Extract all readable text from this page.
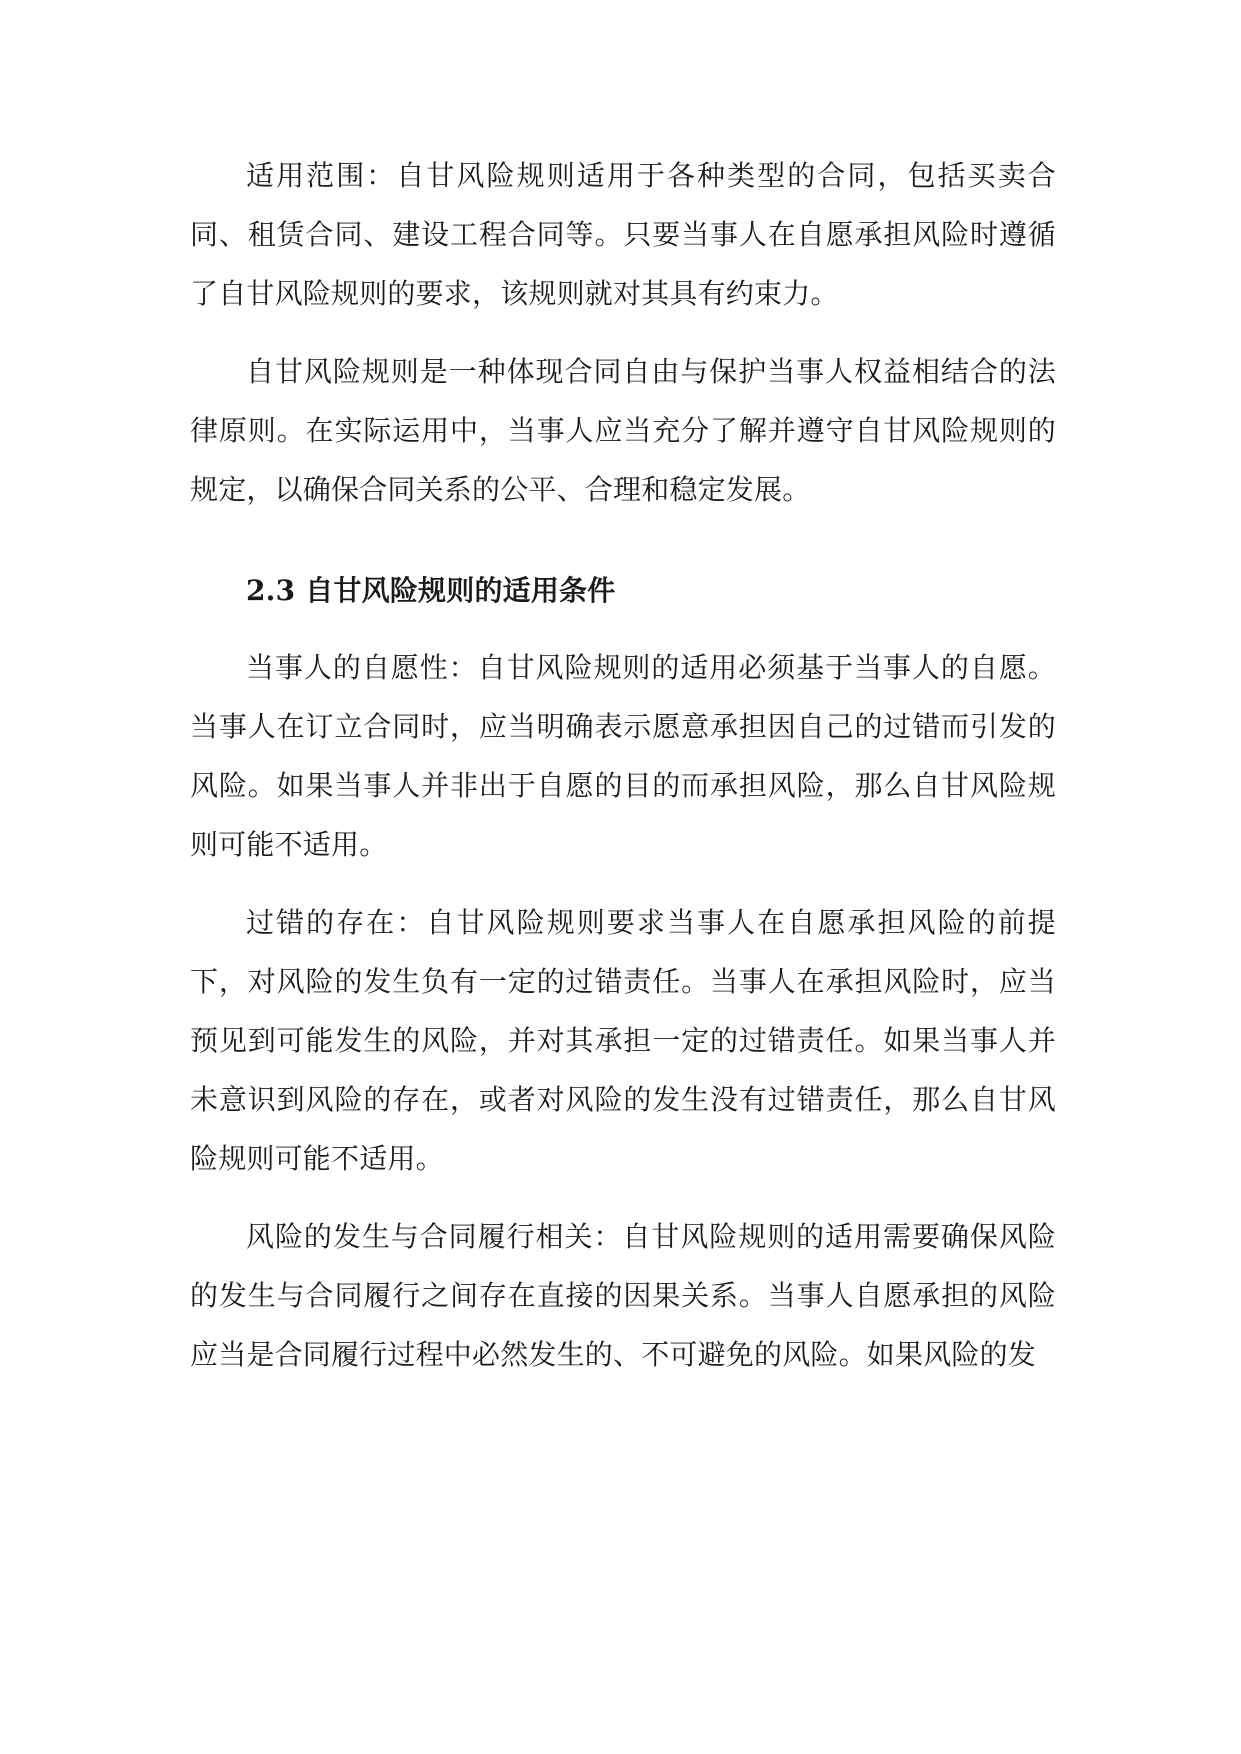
适用范围：自甘风险规则适用于各种类型的合同，包括买卖合同、租赁合同、建设工程合同等。只要当事人在自愿承担风险时遵循了自甘风险规则的要求，该规则就对其具有约束力。

自甘风险规则是一种体现合同自由与保护当事人权益相结合的法律原则。在实际运用中，当事人应当充分了解并遵守自甘风险规则的规定，以确保合同关系的公平、合理和稳定发展。

2.3 自甘风险规则的适用条件

当事人的自愿性：自甘风险规则的适用必须基于当事人的自愿。当事人在订立合同时，应当明确表示愿意承担因自己的过错而引发的风险。如果当事人并非出于自愿的目的而承担风险，那么自甘风险规则可能不适用。

过错的存在：自甘风险规则要求当事人在自愿承担风险的前提下，对风险的发生负有一定的过错责任。当事人在承担风险时，应当预见到可能发生的风险，并对其承担一定的过错责任。如果当事人并未意识到风险的存在，或者对风险的发生没有过错责任，那么自甘风险规则可能不适用。

风险的发生与合同履行相关：自甘风险规则的适用需要确保风险的发生与合同履行之间存在直接的因果关系。当事人自愿承担的风险应当是合同履行过程中必然发生的、不可避免的风险。如果风险的发
